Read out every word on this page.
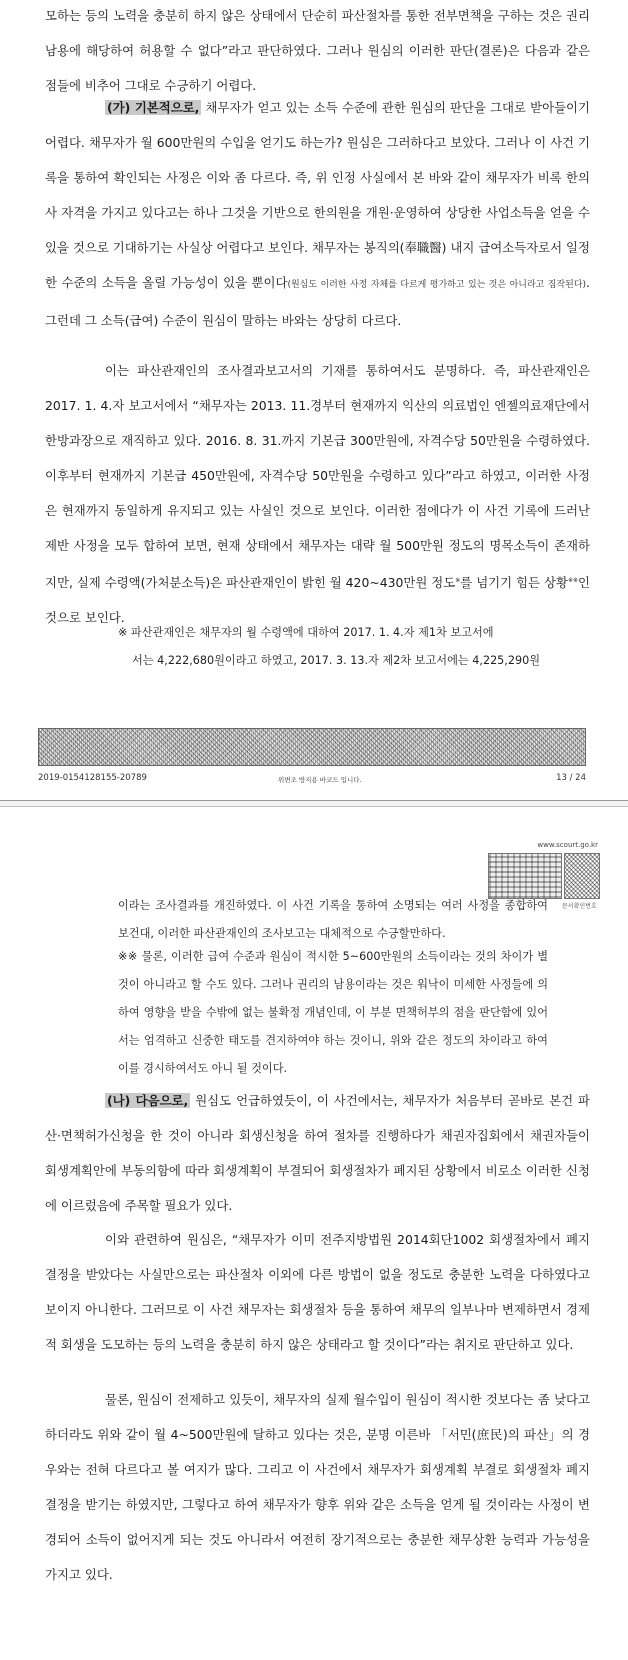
모하는 등의 노력을 충분히 하지 않은 상태에서 단순히 파산절차를 통한 전부면책을 구하는 것은 권리남용에 해당하여 허용할 수 없다”라고 판단하였다. 그러나 원심의 이러한 판단(결론)은 다음과 같은 점들에 비추어 그대로 수긍하기 어렵다.

(가) 기본적으로, 채무자가 얻고 있는 소득 수준에 관한 원심의 판단을 그대로 받아들이기 어렵다. 채무자가 월 600만원의 수입을 얻기도 하는가? 원심은 그러하다고 보았다. 그러나 이 사건 기록을 통하여 확인되는 사정은 이와 좀 다르다. 즉, 위 인정 사실에서 본 바와 같이 채무자가 비록 한의사 자격을 가지고 있다고는 하나 그것을 기반으로 한의원을 개원·운영하여 상당한 사업소득을 얻을 수 있을 것으로 기대하기는 사실상 어렵다고 보인다. 채무자는 봉직의(奉職醫) 내지 급여소득자로서 일정한 수준의 소득을 올릴 가능성이 있을 뿐이다(원심도 이러한 사정 자체를 다르게 평가하고 있는 것은 아니라고 짐작된다). 그런데 그 소득(급여) 수준이 원심이 말하는 바와는 상당히 다르다.

이는 파산관재인의 조사결과보고서의 기재를 통하여서도 분명하다. 즉, 파산관재인은 2017. 1. 4.자 보고서에서 “채무자는 2013. 11.경부터 현재까지 익산의 의료법인 엔젤의료재단에서 한방과장으로 재직하고 있다. 2016. 8. 31.까지 기본급 300만원에, 자격수당 50만원을 수령하였다. 이후부터 현재까지 기본급 450만원에, 자격수당 50만원을 수령하고 있다”라고 하였고, 이러한 사정은 현재까지 동일하게 유지되고 있는 사실인 것으로 보인다. 이러한 점에다가 이 사건 기록에 드러난 제반 사정을 모두 합하여 보면, 현재 상태에서 채무자는 대략 월 500만원 정도의 명목소득이 존재하지만, 실제 수령액(가처분소득)은 파산관재인이 밝힌 월 420~430만원 정도※를 넘기기 힘든 상황※※인 것으로 보인다.

※ 파산관재인은 채무자의 월 수령액에 대하여 2017. 1. 4.자 제1차 보고서에
서는 4,222,680원이라고 하였고, 2017. 3. 13.자 제2차 보고서에는 4,225,290원
2019-0154128155-20789	위변조 방지용 바코드 입니다.	13 / 24
www.scourt.go.kr
문서확인번호
이라는 조사결과를 개진하였다. 이 사건 기록을 통하여 소명되는 여러 사정을 종합하여 보건대, 이러한 파산관재인의 조사보고는 대체적으로 수긍할만하다.
※※ 물론, 이러한 급여 수준과 원심이 적시한 5~600만원의 소득이라는 것의 차이가 별것이 아니라고 할 수도 있다. 그러나 권리의 남용이라는 것은 워낙이 미세한 사정들에 의하여 영향을 받을 수밖에 없는 불확정 개념인데, 이 부분 면책허부의 점을 판단함에 있어서는 엄격하고 신중한 태도를 견지하여야 하는 것이니, 위와 같은 정도의 차이라고 하여 이를 경시하여서도 아니 될 것이다.

(나) 다음으로, 원심도 언급하였듯이, 이 사건에서는, 채무자가 처음부터 곧바로 본건 파산·면책허가신청을 한 것이 아니라 회생신청을 하여 절차를 진행하다가 채권자집회에서 채권자들이 회생계획안에 부동의함에 따라 회생계획이 부결되어 회생절차가 폐지된 상황에서 비로소 이러한 신청에 이르렀음에 주목할 필요가 있다.

이와 관련하여 원심은, “채무자가 이미 전주지방법원 2014회단1002 회생절차에서 폐지결정을 받았다는 사실만으로는 파산절차 이외에 다른 방법이 없을 정도로 충분한 노력을 다하였다고 보이지 아니한다. 그러므로 이 사건 채무자는 회생절차 등을 통하여 채무의 일부나마 변제하면서 경제적 회생을 도모하는 등의 노력을 충분히 하지 않은 상태라고 할 것이다”라는 취지로 판단하고 있다.

물론, 원심이 전제하고 있듯이, 채무자의 실제 월수입이 원심이 적시한 것보다는 좀 낮다고 하더라도 위와 같이 월 4~500만원에 달하고 있다는 것은, 분명 이른바 「서민(庶民)의 파산」의 경우와는 전혀 다르다고 볼 여지가 많다. 그리고 이 사건에서 채무자가 회생계획 부결로 회생절차 폐지결정을 받기는 하였지만, 그렇다고 하여 채무자가 향후 위와 같은 소득을 얻게 될 것이라는 사정이 변경되어 소득이 없어지게 되는 것도 아니라서 여전히 장기적으로는 충분한 채무상환 능력과 가능성을 가지고 있다.
